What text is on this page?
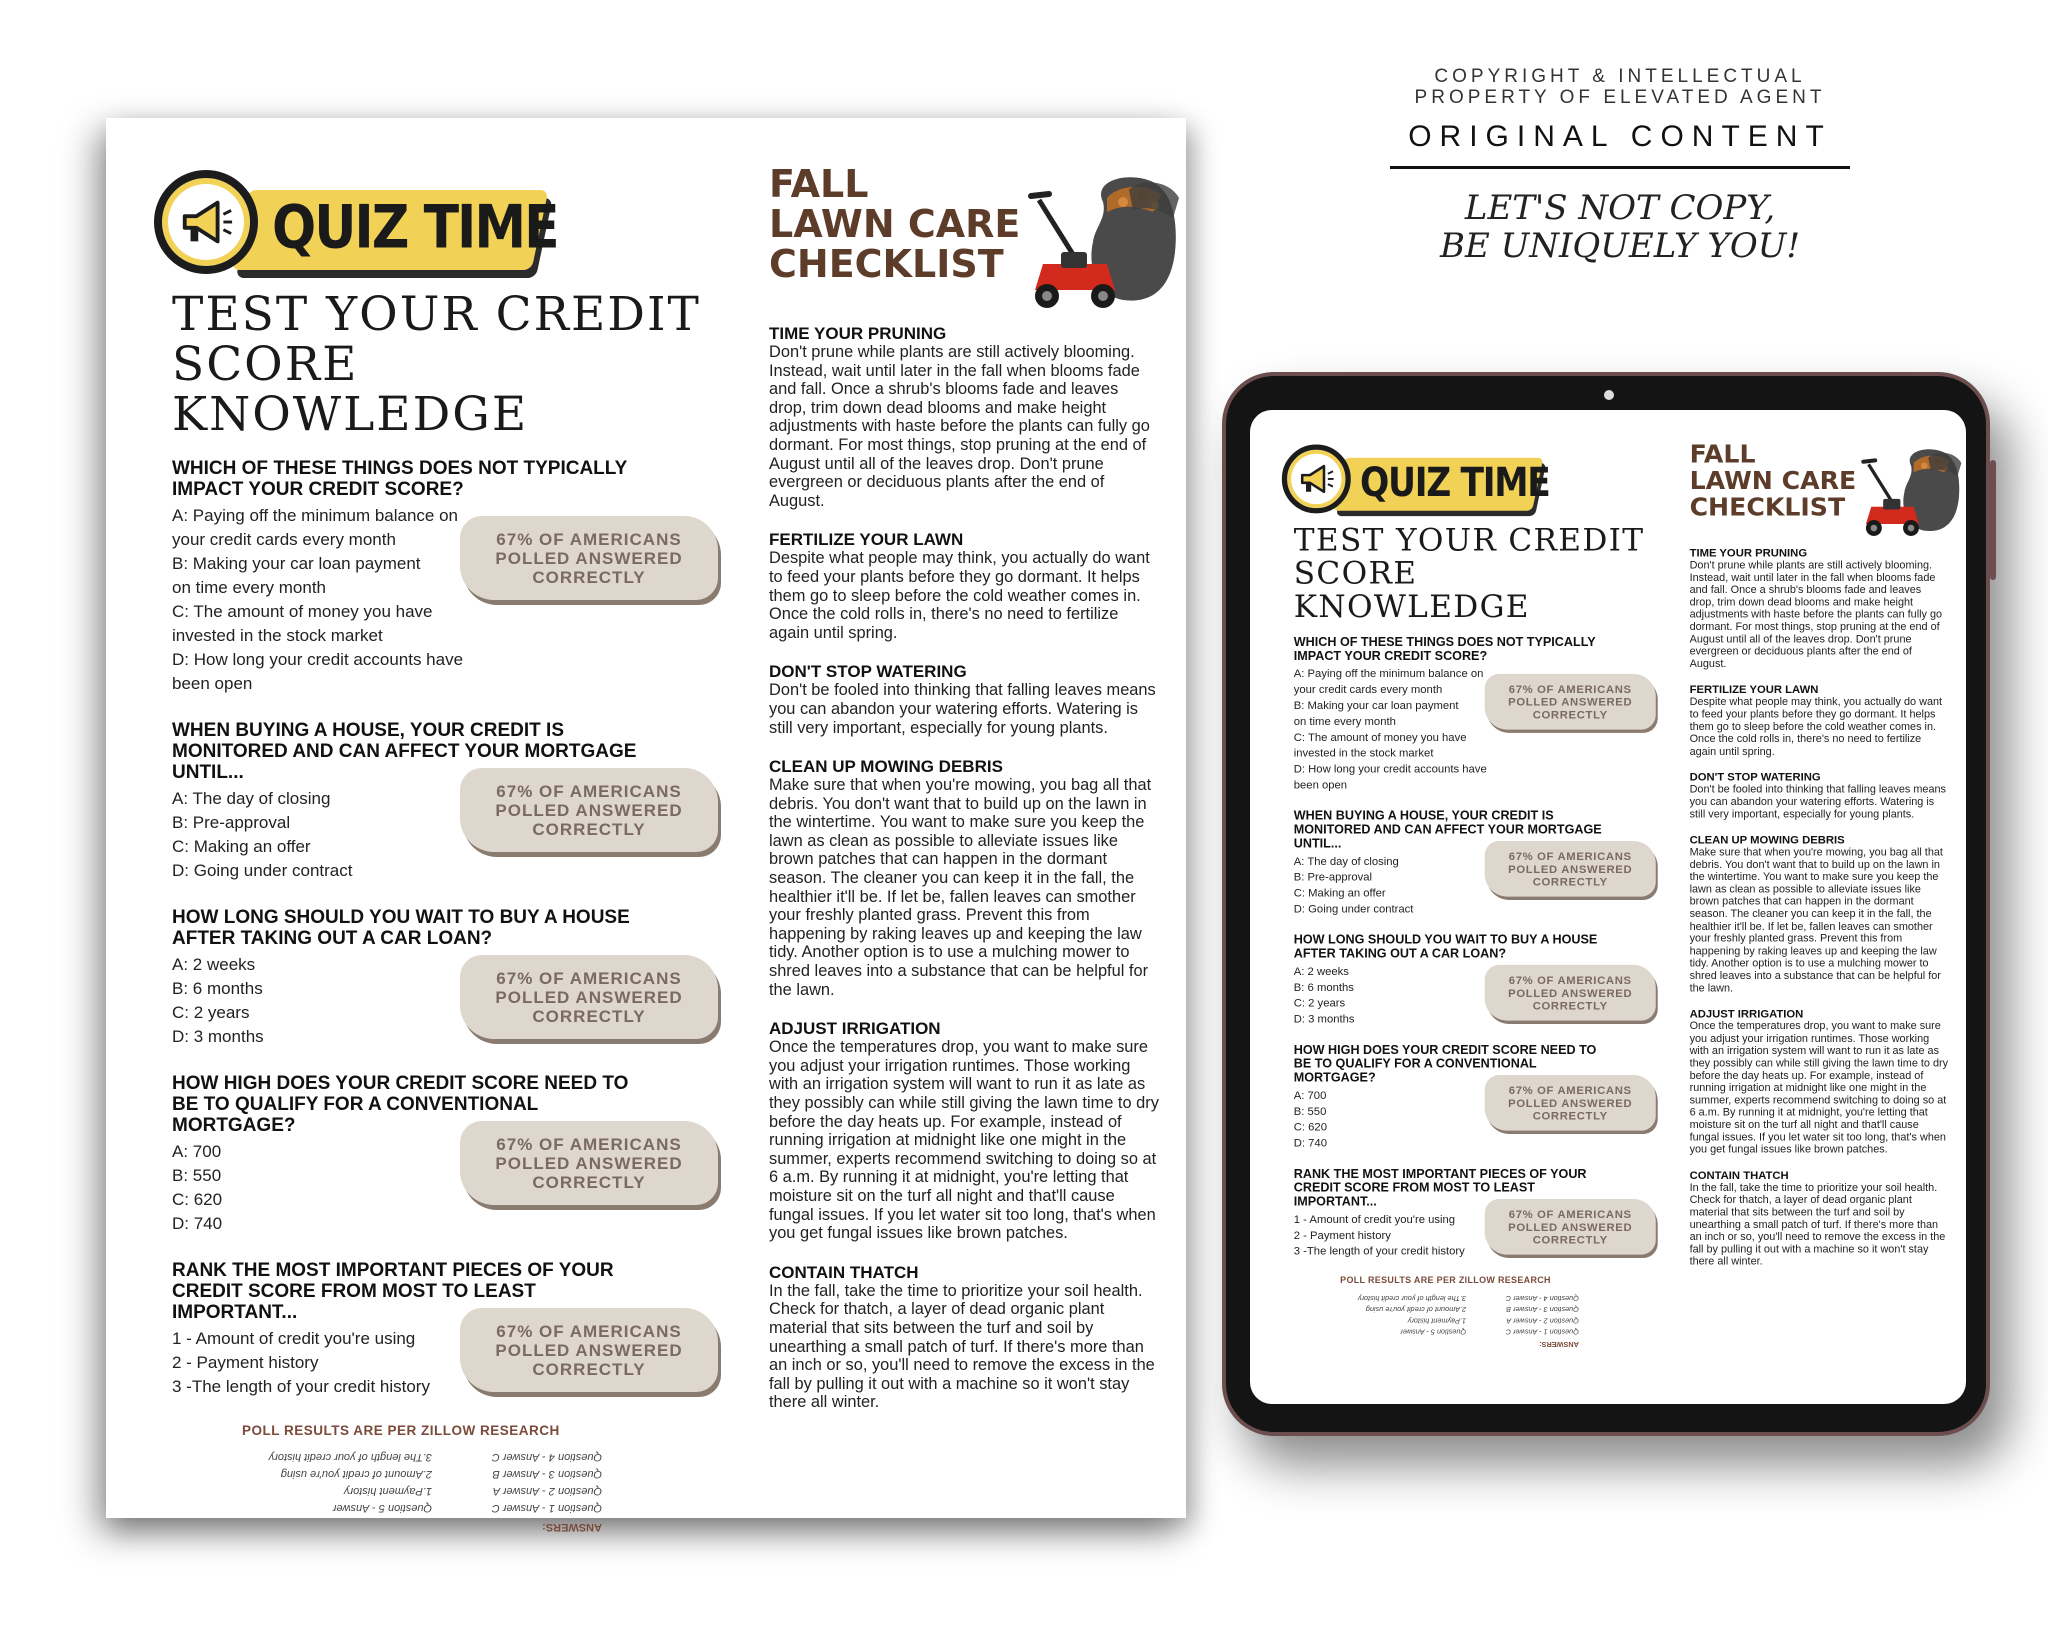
QUIZ TIME
TEST YOUR CREDIT
SCORE KNOWLEDGE
WHICH OF THESE THINGS DOES NOT TYPICALLY IMPACT YOUR CREDIT SCORE?
A: Paying off the minimum balance on
your credit cards every month
B: Making your car loan payment
on time every month
C: The amount of money you have
invested in the stock market
D: How long your credit accounts have been open
67% OF AMERICANS POLLED ANSWERED CORRECTLY
WHEN BUYING A HOUSE, YOUR CREDIT IS MONITORED AND CAN AFFECT YOUR MORTGAGE UNTIL...
A: The day of closing
B: Pre-approval
C: Making an offer
D: Going under contract
67% OF AMERICANS POLLED ANSWERED CORRECTLY
HOW LONG SHOULD YOU WAIT TO BUY A HOUSE AFTER TAKING OUT A CAR LOAN?
A: 2 weeks
B: 6 months
C: 2 years
D: 3 months
67% OF AMERICANS POLLED ANSWERED CORRECTLY
HOW HIGH DOES YOUR CREDIT SCORE NEED TO BE TO QUALIFY FOR A CONVENTIONAL MORTGAGE?
A: 700
B: 550
C: 620
D: 740
67% OF AMERICANS POLLED ANSWERED CORRECTLY
RANK THE MOST IMPORTANT PIECES OF YOUR CREDIT SCORE FROM MOST TO LEAST IMPORTANT...
1 - Amount of credit you're using
2 - Payment history
3 -The length of your credit history
67% OF AMERICANS POLLED ANSWERED CORRECTLY
POLL RESULTS ARE PER ZILLOW RESEARCH
ANSWERS:
Question 1 - Answer C
Question 5 - Answer
Question 2 - Answer A
1.Payment history
Question 3 - Answer B
2.Amount of credit you're using
Question 4 - Answer C
3.The length of your credit history
FALL
LAWN CARE
CHECKLIST
TIME YOUR PRUNING

Don't prune while plants are still actively blooming. Instead, wait until later in the fall when blooms fade and fall. Once a shrub's blooms fade and leaves drop, trim down dead blooms and make height adjustments with haste before the plants can fully go dormant. For most things, stop pruning at the end of August until all of the leaves drop. Don't prune evergreen or deciduous plants after the end of August.

FERTILIZE YOUR LAWN

Despite what people may think, you actually do want to feed your plants before they go dormant. It helps them go to sleep before the cold weather comes in. Once the cold rolls in, there's no need to fertilize again until spring.

DON'T STOP WATERING

Don't be fooled into thinking that falling leaves means you can abandon your watering efforts. Watering is still very important, especially for young plants.

CLEAN UP MOWING DEBRIS

Make sure that when you're mowing, you bag all that debris. You don't want that to build up on the lawn in the wintertime. You want to make sure you keep the lawn as clean as possible to alleviate issues like brown patches that can happen in the dormant season. The cleaner you can keep it in the fall, the healthier it'll be. If let be, fallen leaves can smother your freshly planted grass. Prevent this from happening by raking leaves up and keeping the law tidy. Another option is to use a mulching mower to shred leaves into a substance that can be helpful for the lawn.

ADJUST IRRIGATION

Once the temperatures drop, you want to make sure you adjust your irrigation runtimes. Those working with an irrigation system will want to run it as late as they possibly can while still giving the lawn time to dry before the day heats up. For example, instead of running irrigation at midnight like one might in the summer, experts recommend switching to doing so at 6 a.m. By running it at midnight, you're letting that moisture sit on the turf all night and that'll cause fungal issues. If you let water sit too long, that's when you get fungal issues like brown patches.

CONTAIN THATCH

In the fall, take the time to prioritize your soil health. Check for thatch, a layer of dead organic plant material that sits between the turf and soil by unearthing a small patch of turf. If there's more than an inch or so, you'll need to remove the excess in the fall by pulling it out with a machine so it won't stay there all winter.

COPYRIGHT & INTELLECTUAL
PROPERTY OF ELEVATED AGENT
ORIGINAL CONTENT
LET'S NOT COPY,
BE UNIQUELY YOU!
QUIZ TIME
TEST YOUR CREDIT
SCORE KNOWLEDGE
WHICH OF THESE THINGS DOES NOT TYPICALLY IMPACT YOUR CREDIT SCORE?
A: Paying off the minimum balance on
your credit cards every month
B: Making your car loan payment
on time every month
C: The amount of money you have
invested in the stock market
D: How long your credit accounts have been open
67% OF AMERICANS POLLED ANSWERED CORRECTLY
WHEN BUYING A HOUSE, YOUR CREDIT IS MONITORED AND CAN AFFECT YOUR MORTGAGE UNTIL...
A: The day of closing
B: Pre-approval
C: Making an offer
D: Going under contract
67% OF AMERICANS POLLED ANSWERED CORRECTLY
HOW LONG SHOULD YOU WAIT TO BUY A HOUSE AFTER TAKING OUT A CAR LOAN?
A: 2 weeks
B: 6 months
C: 2 years
D: 3 months
67% OF AMERICANS POLLED ANSWERED CORRECTLY
HOW HIGH DOES YOUR CREDIT SCORE NEED TO BE TO QUALIFY FOR A CONVENTIONAL MORTGAGE?
A: 700
B: 550
C: 620
D: 740
67% OF AMERICANS POLLED ANSWERED CORRECTLY
RANK THE MOST IMPORTANT PIECES OF YOUR CREDIT SCORE FROM MOST TO LEAST IMPORTANT...
1 - Amount of credit you're using
2 - Payment history
3 -The length of your credit history
67% OF AMERICANS POLLED ANSWERED CORRECTLY
POLL RESULTS ARE PER ZILLOW RESEARCH
ANSWERS:
Question 1 - Answer C
Question 5 - Answer
Question 2 - Answer A
1.Payment history
Question 3 - Answer B
2.Amount of credit you're using
Question 4 - Answer C
3.The length of your credit history
FALL
LAWN CARE
CHECKLIST
TIME YOUR PRUNING

Don't prune while plants are still actively blooming. Instead, wait until later in the fall when blooms fade and fall. Once a shrub's blooms fade and leaves drop, trim down dead blooms and make height adjustments with haste before the plants can fully go dormant. For most things, stop pruning at the end of August until all of the leaves drop. Don't prune evergreen or deciduous plants after the end of August.

FERTILIZE YOUR LAWN

Despite what people may think, you actually do want to feed your plants before they go dormant. It helps them go to sleep before the cold weather comes in. Once the cold rolls in, there's no need to fertilize again until spring.

DON'T STOP WATERING

Don't be fooled into thinking that falling leaves means you can abandon your watering efforts. Watering is still very important, especially for young plants.

CLEAN UP MOWING DEBRIS

Make sure that when you're mowing, you bag all that debris. You don't want that to build up on the lawn in the wintertime. You want to make sure you keep the lawn as clean as possible to alleviate issues like brown patches that can happen in the dormant season. The cleaner you can keep it in the fall, the healthier it'll be. If let be, fallen leaves can smother your freshly planted grass. Prevent this from happening by raking leaves up and keeping the law tidy. Another option is to use a mulching mower to shred leaves into a substance that can be helpful for the lawn.

ADJUST IRRIGATION

Once the temperatures drop, you want to make sure you adjust your irrigation runtimes. Those working with an irrigation system will want to run it as late as they possibly can while still giving the lawn time to dry before the day heats up. For example, instead of running irrigation at midnight like one might in the summer, experts recommend switching to doing so at 6 a.m. By running it at midnight, you're letting that moisture sit on the turf all night and that'll cause fungal issues. If you let water sit too long, that's when you get fungal issues like brown patches.

CONTAIN THATCH

In the fall, take the time to prioritize your soil health. Check for thatch, a layer of dead organic plant material that sits between the turf and soil by unearthing a small patch of turf. If there's more than an inch or so, you'll need to remove the excess in the fall by pulling it out with a machine so it won't stay there all winter.
